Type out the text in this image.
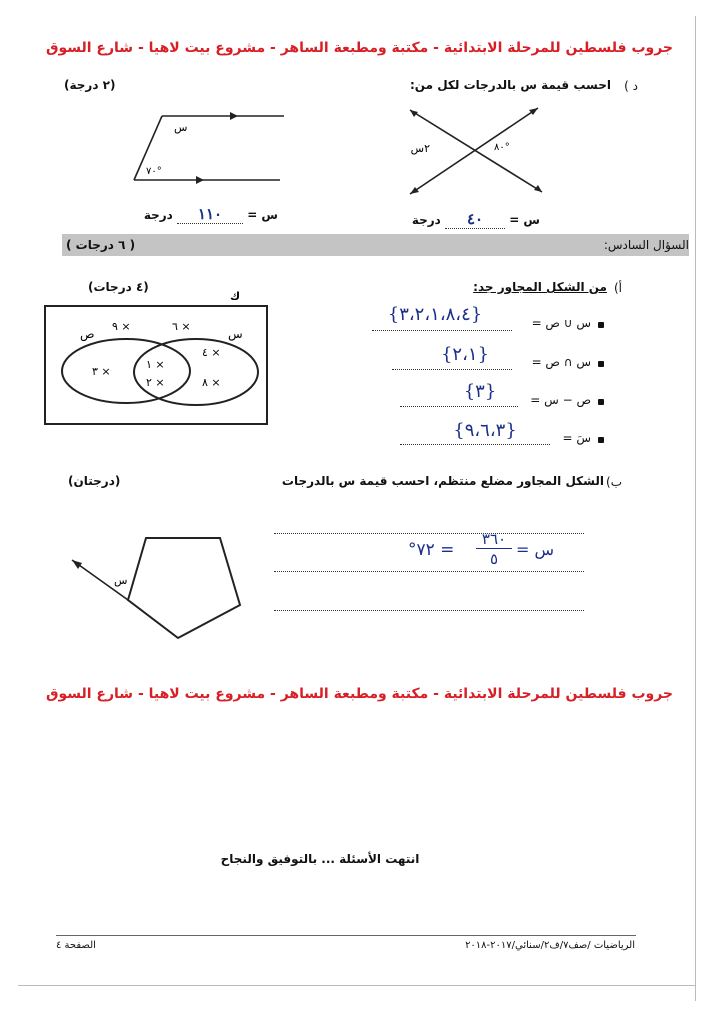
جروب فلسطين للمرحلة الابتدائية - مكتبة ومطبعة الساهر - مشروع بيت لاهيا - شارع السوق
د )
احسب قيمة س بالدرجات لكل من:
(٢ درجة)
٢س	٨٠°
س
٧٠°
س = ٤٠ درجة
س = ١١٠ درجة
السؤال السادس:
( ٦ درجات )
أ)
من الشكل المجاور جد:
(٤ درجات)
ك
س
ص
٩ ×	٦ ×
٣ ×
١ ×
٢ ×
٤ ×
٨ ×
س ∪ ص =
{٣،٢،١،٨،٤}
س ∩ ص =
{٢،١}
ص − س =
{٣}
سَ =
{٩،٦،٣}
ب)
الشكل المجاور مضلع منتظم، احسب قيمة س بالدرجات
(درجتان)
س
= ٧٢°
٣٦٠
٥	س =
جروب فلسطين للمرحلة الابتدائية - مكتبة ومطبعة الساهر - مشروع بيت لاهيا - شارع السوق
انتهت الأسئلة ... بالتوفيق والنجاح
الصفحة ٤	الرياضيات /صف٧/ف٢/سنائي/٢٠١٧-٢٠١٨
